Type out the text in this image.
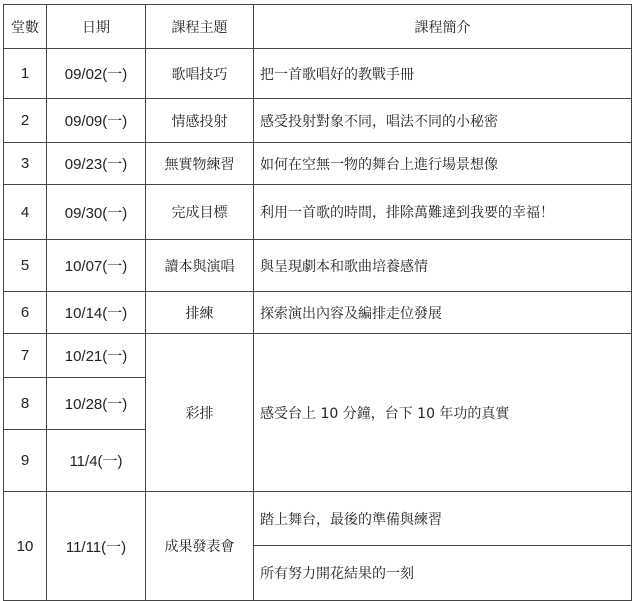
堂數	日期	課程主題	課程簡介
1	09/02(一)	歌唱技巧	把一首歌唱好的教戰手冊
2	09/09(一)	情感投射	感受投射對象不同，唱法不同的小秘密
3	09/23(一)	無實物練習	如何在空無一物的舞台上進行場景想像
4	09/30(一)	完成目標	利用一首歌的時間，排除萬難達到我要的幸福！
5	10/07(一)	讀本與演唱	與呈現劇本和歌曲培養感情
6	10/14(一)	排練	探索演出內容及編排走位發展
7	10/21(一)	彩排	感受台上 10 分鐘，台下 10 年功的真實
8	10/28(一)		
9	11/4(一)		
10	11/11(一)	成果發表會	踏上舞台，最後的準備與練習
			所有努力開花結果的一刻
